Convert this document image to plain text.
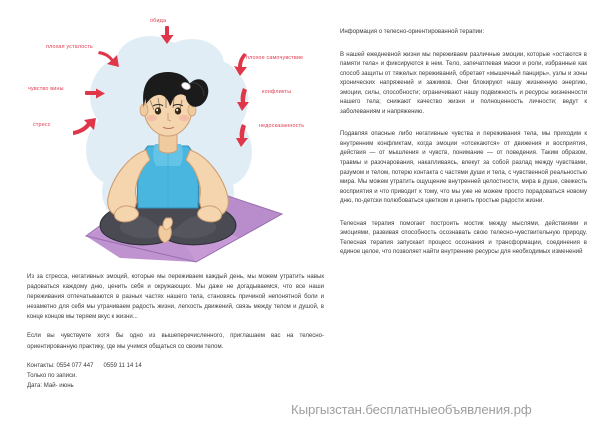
обида
плохая усталость
чувство вины
стресс
плохое самочувствие
конфликты
недосказанность

Из за стресса, негативных эмоций, которые мы переживаем каждый день, мы можем утратить навык радоваться каждому дню, ценить себя и окружающих. Мы даже не догадываемся, что все наши переживания отпечатываются в разных частях нашего тела, становясь причиной непонятной боли и незаметно для себя мы утрачиваем радость жизни, легкость движений, связь между телом и душой, в конце концов мы теряем вкус к жизни...

Если вы чувствуете хотя бы одно из вышеперечисленного, приглашаем вас на телесно-ориентированную практику, где мы учимся общаться со своим телом.

Контакты: 0554 077 447      0559 11 14 14
Только по записи.
Дата: Май- июнь

Информация о телесно-ориентированной терапии:

В нашей ежедневной жизни мы переживаем различные эмоции, которые «остаются в памяти тела» и фиксируются в нем. Тело, запечатлевая маски и роли, избранные как способ защиты от тяжелых переживаний, обретает «мышечный панцирь», узлы и зоны хронических напряжений и зажимов. Они блокируют нашу жизненную энергию, эмоции, силы, способности; ограничивают нашу подвижность и ресурсы жизненности нашего тела; снижают качество жизни и полноценность личности; ведут к заболеваниям и напряжению.

Подавляя опасные либо негативные чувства и переживания тела, мы приходим к внутренним конфликтам, когда эмоции «отсекаются» от движения и восприятия, действия — от мышления и чувств, понимание — от поведения. Таким образом, травмы и разочарования, накапливаясь, влекут за собой разлад между чувствами, разумом и телом, потерю контакта с частями души и тела, с чувственной реальностью мира. Мы можем утратить ощущение внутренней целостности, мира в душе, свежесть восприятия и что приводит к тому, что мы уже не можем просто порадоваться новому дню, по-детски полюбоваться цветком и ценить простые радости жизни.

Телесная терапия помогает построить мостик между мыслями, действиями и эмоциями, развивая способность осознавать свою телесно-чувствительную природу. Телесная терапия запускает процесс осознания и трансформации, соединения в единое целое, что позволяет найти внутренние ресурсы для необходимых изменений

Кыргызстан.бесплатныеобъявления.рф
